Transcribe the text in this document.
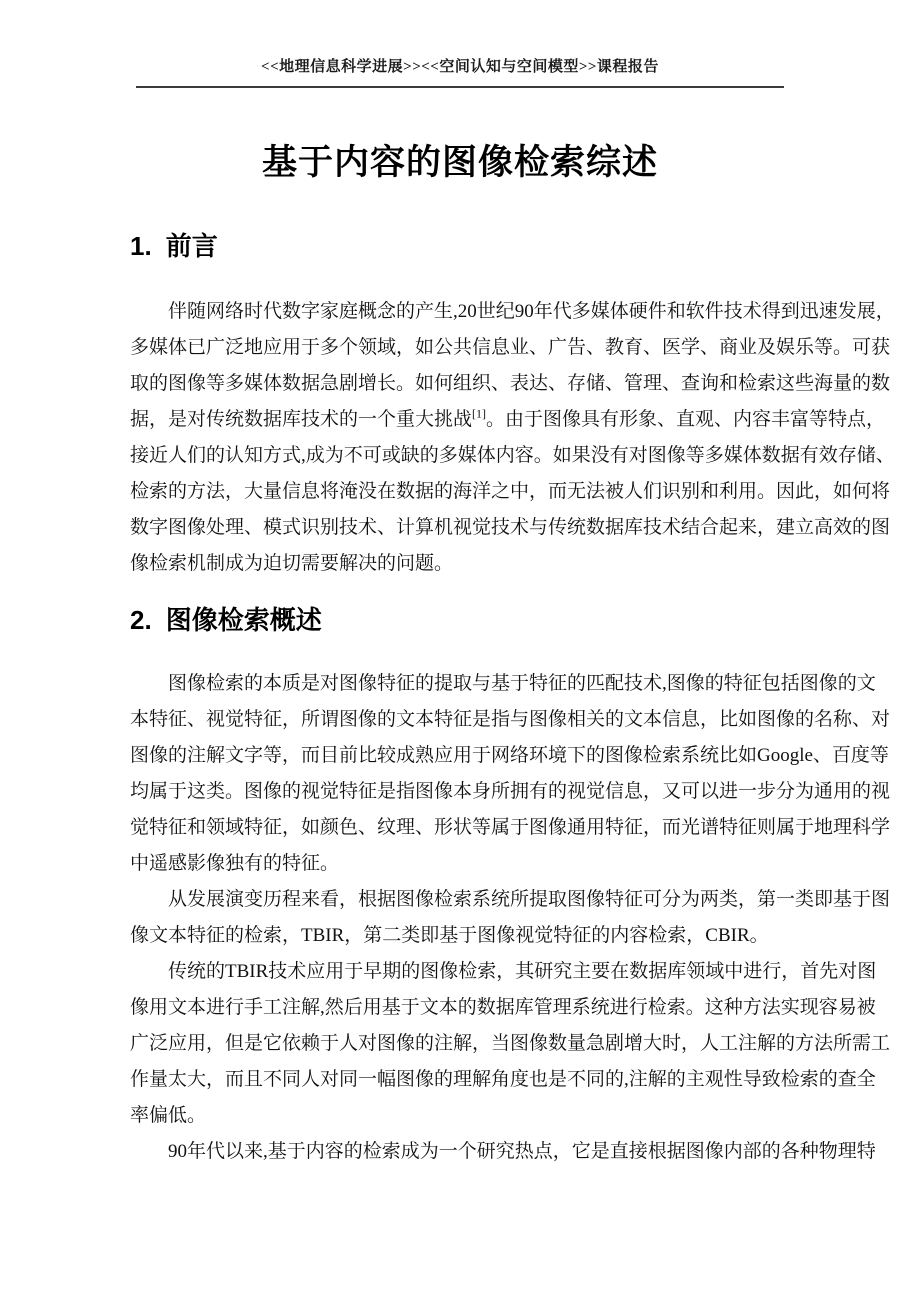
<<地理信息科学进展>><<空间认知与空间模型>>课程报告
基于内容的图像检索综述
1. 前言
伴随网络时代数字家庭概念的产生,20世纪90年代多媒体硬件和软件技术得到迅速发展，
多媒体已广泛地应用于多个领域，如公共信息业、广告、教育、医学、商业及娱乐等。可获
取的图像等多媒体数据急剧增长。如何组织、表达、存储、管理、查询和检索这些海量的数
据，是对传统数据库技术的一个重大挑战[1]。由于图像具有形象、直观、内容丰富等特点，
接近人们的认知方式,成为不可或缺的多媒体内容。如果没有对图像等多媒体数据有效存储、
检索的方法，大量信息将淹没在数据的海洋之中，而无法被人们识别和利用。因此，如何将
数字图像处理、模式识别技术、计算机视觉技术与传统数据库技术结合起来，建立高效的图
像检索机制成为迫切需要解决的问题。
2. 图像检索概述
图像检索的本质是对图像特征的提取与基于特征的匹配技术,图像的特征包括图像的文
本特征、视觉特征，所谓图像的文本特征是指与图像相关的文本信息，比如图像的名称、对
图像的注解文字等，而目前比较成熟应用于网络环境下的图像检索系统比如Google、百度等
均属于这类。图像的视觉特征是指图像本身所拥有的视觉信息，又可以进一步分为通用的视
觉特征和领域特征，如颜色、纹理、形状等属于图像通用特征，而光谱特征则属于地理科学
中遥感影像独有的特征。
从发展演变历程来看，根据图像检索系统所提取图像特征可分为两类，第一类即基于图
像文本特征的检索，TBIR，第二类即基于图像视觉特征的内容检索，CBIR。
传统的TBIR技术应用于早期的图像检索，其研究主要在数据库领域中进行，首先对图
像用文本进行手工注解,然后用基于文本的数据库管理系统进行检索。这种方法实现容易被
广泛应用，但是它依赖于人对图像的注解，当图像数量急剧增大时，人工注解的方法所需工
作量太大，而且不同人对同一幅图像的理解角度也是不同的,注解的主观性导致检索的查全
率偏低。
90年代以来,基于内容的检索成为一个研究热点，它是直接根据图像内部的各种物理特
